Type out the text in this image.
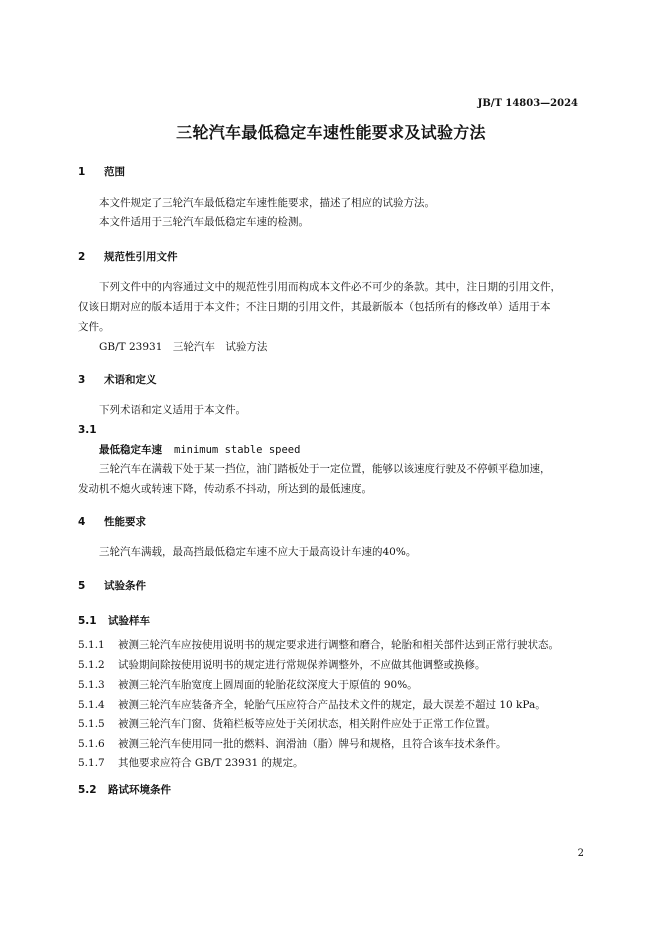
JB/T 14803—2024
三轮汽车最低稳定车速性能要求及试验方法
1 范围
本文件规定了三轮汽车最低稳定车速性能要求，描述了相应的试验方法。
本文件适用于三轮汽车最低稳定车速的检测。
2 规范性引用文件
下列文件中的内容通过文中的规范性引用而构成本文件必不可少的条款。其中，注日期的引用文件，
仅该日期对应的版本适用于本文件；不注日期的引用文件，其最新版本（包括所有的修改单）适用于本
文件。
GB/T 23931　三轮汽车　试验方法
3 术语和定义
下列术语和定义适用于本文件。
3.1
最低稳定车速 minimum stable speed
三轮汽车在满载下处于某一挡位，油门踏板处于一定位置，能够以该速度行驶及不停顿平稳加速，
发动机不熄火或转速下降，传动系不抖动，所达到的最低速度。
4 性能要求
三轮汽车满载，最高挡最低稳定车速不应大于最高设计车速的40%。
5 试验条件
5.1 试验样车
5.1.1 被测三轮汽车应按使用说明书的规定要求进行调整和磨合，轮胎和相关部件达到正常行驶状态。
5.1.2 试验期间除按使用说明书的规定进行常规保养调整外，不应做其他调整或换修。
5.1.3 被测三轮汽车胎宽度上圆周面的轮胎花纹深度大于原值的 90%。
5.1.4 被测三轮汽车应装备齐全，轮胎气压应符合产品技术文件的规定，最大误差不超过 10 kPa。
5.1.5 被测三轮汽车门窗、货箱栏板等应处于关闭状态，相关附件应处于正常工作位置。
5.1.6 被测三轮汽车使用同一批的燃料、润滑油（脂）牌号和规格，且符合该车技术条件。
5.1.7 其他要求应符合 GB/T 23931 的规定。
5.2 路试环境条件
2
